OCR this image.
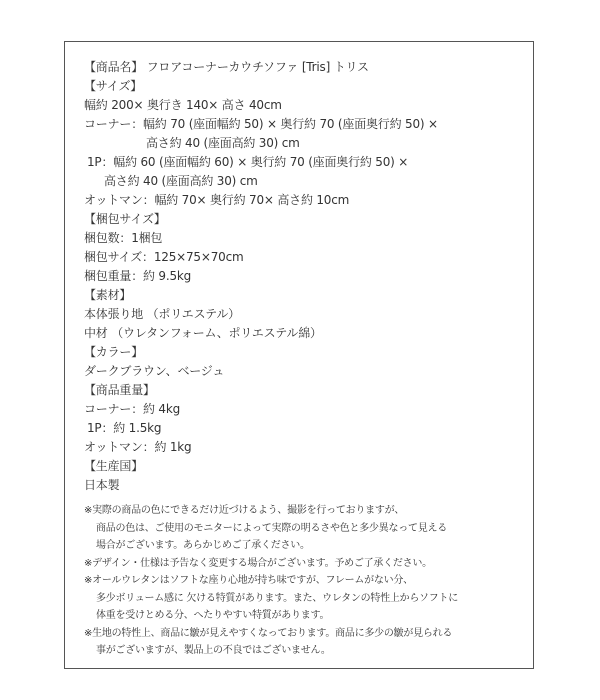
【商品名】 フロアコーナーカウチソファ [Tris] トリス
【サイズ】
幅約 200× 奥行き 140× 高さ 40cm
コーナー：幅約 70 (座面幅約 50) × 奥行約 70 (座面奥行約 50) ×
高さ約 40 (座面高約 30) cm
1P：幅約 60 (座面幅約 60) × 奥行約 70 (座面奥行約 50) ×
高さ約 40 (座面高約 30) cm
オットマン：幅約 70× 奥行約 70× 高さ約 10cm
【梱包サイズ】
梱包数：1梱包
梱包サイズ：125×75×70cm
梱包重量：約 9.5kg
【素材】
本体張り地 （ポリエステル）
中材 （ウレタンフォーム、ポリエステル綿）
【カラー】
ダークブラウン、ベージュ
【商品重量】
コーナー：約 4kg
1P：約 1.5kg
オットマン：約 1kg
【生産国】
日本製
※実際の商品の色にできるだけ近づけるよう、撮影を行っておりますが、
商品の色は、ご使用のモニターによって実際の明るさや色と多少異なって見える
場合がございます。あらかじめご了承ください。
※デザイン・仕様は予告なく変更する場合がございます。予めご了承ください。
※オールウレタンはソフトな座り心地が持ち味ですが、フレームがない分、
多少ボリューム感に 欠ける特質があります。また、ウレタンの特性上からソフトに
体重を受けとめる分、へたりやすい特質があります。
※生地の特性上、商品に皺が見えやすくなっております。商品に多少の皺が見られる
事がございますが、製品上の不良ではございません。
